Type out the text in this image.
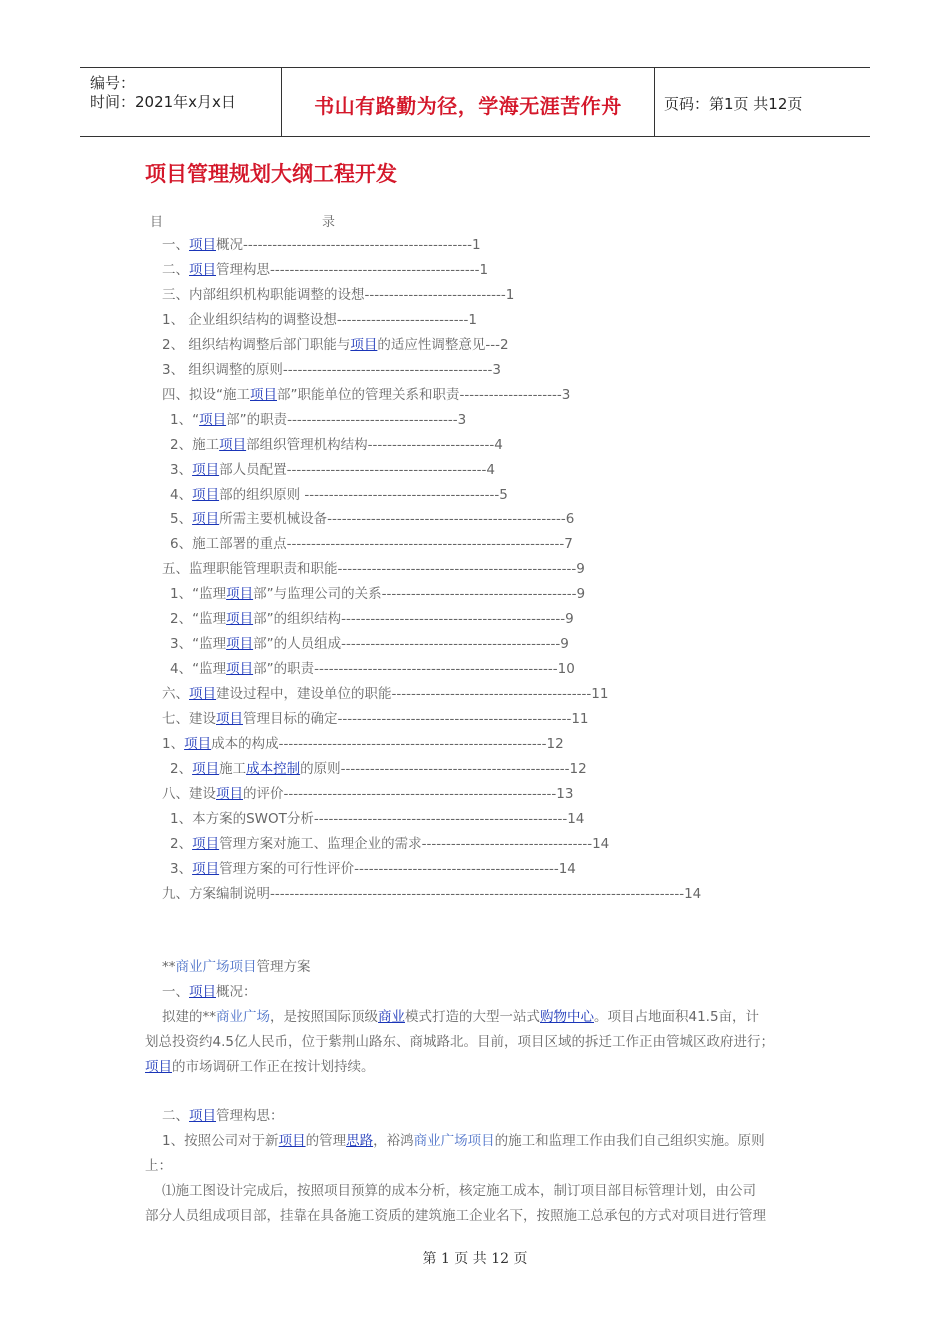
编号：
时间：2021年x月x日	书山有路勤为径，学海无涯苦作舟	页码：第1页 共12页
项目管理规划大纲工程开发
目	录
一、项目概况-----------------------------------------------1
二、项目管理构思-------------------------------------------1
三、内部组织机构职能调整的设想-----------------------------1
1、 企业组织结构的调整设想---------------------------1
2、 组织结构调整后部门职能与项目的适应性调整意见---2
3、 组织调整的原则-------------------------------------------3
四、拟设“施工项目部”职能单位的管理关系和职责---------------------3
1、“项目部”的职责-----------------------------------3
2、施工项目部组织管理机构结构--------------------------4
3、项目部人员配置-----------------------------------------4
4、项目部的组织原则 ----------------------------------------5
5、项目所需主要机械设备-------------------------------------------------6
6、施工部署的重点---------------------------------------------------------7
五、监理职能管理职责和职能-------------------------------------------------9
1、“监理项目部”与监理公司的关系----------------------------------------9
2、“监理项目部”的组织结构----------------------------------------------9
3、“监理项目部”的人员组成---------------------------------------------9
4、“监理项目部”的职责--------------------------------------------------10
六、项目建设过程中，建设单位的职能-----------------------------------------11
七、建设项目管理目标的确定------------------------------------------------11
1、项目成本的构成-------------------------------------------------------12
2、项目施工成本控制的原则-----------------------------------------------12
八、建设项目的评价--------------------------------------------------------13
1、本方案的SWOT分析----------------------------------------------------14
2、项目管理方案对施工、监理企业的需求-----------------------------------14
3、项目管理方案的可行性评价------------------------------------------14
九、方案编制说明-------------------------------------------------------------------------------------14
**商业广场项目管理方案
一、项目概况：
拟建的**商业广场，是按照国际顶级商业模式打造的大型一站式购物中心。项目占地面积41.5亩，计
划总投资约4.5亿人民币，位于紫荆山路东、商城路北。目前，项目区域的拆迁工作正由管城区政府进行；
项目的市场调研工作正在按计划持续。
二、项目管理构思：
1、按照公司对于新项目的管理思路，裕鸿商业广场项目的施工和监理工作由我们自己组织实施。原则
上：
⑴施工图设计完成后，按照项目预算的成本分析，核定施工成本，制订项目部目标管理计划，由公司
部分人员组成项目部，挂靠在具备施工资质的建筑施工企业名下，按照施工总承包的方式对项目进行管理
第 1 页 共 12 页
